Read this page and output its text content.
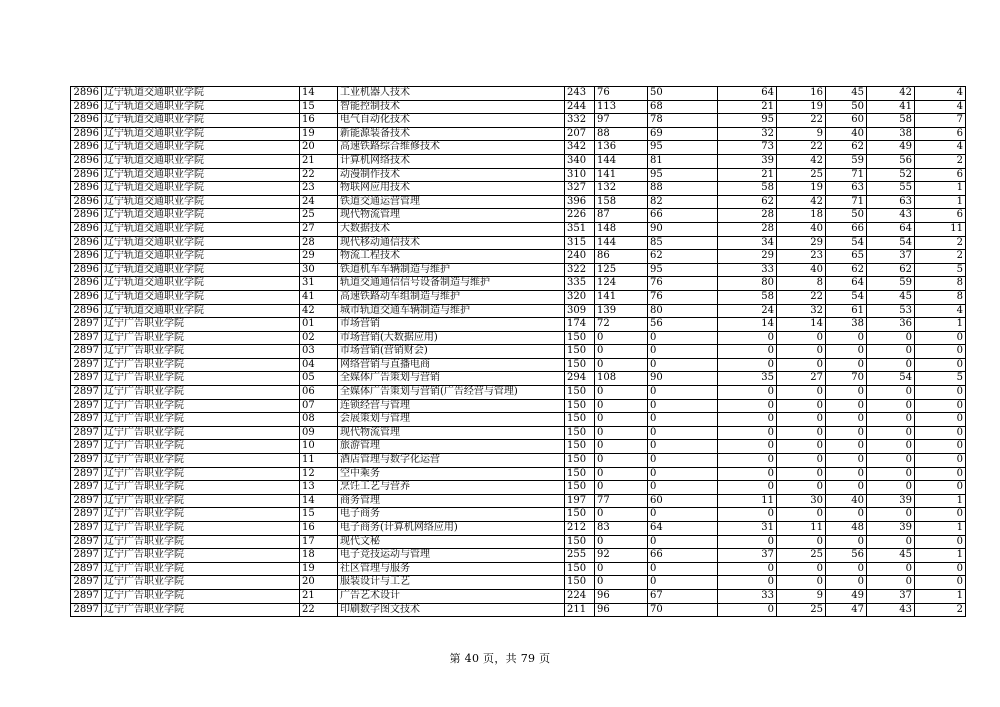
2896	辽宁轨道交通职业学院	14	工业机器人技术	243	76	50	64	16	45	42	4
2896	辽宁轨道交通职业学院	15	智能控制技术	244	113	68	21	19	50	41	4
2896	辽宁轨道交通职业学院	16	电气自动化技术	332	97	78	95	22	60	58	7
2896	辽宁轨道交通职业学院	19	新能源装备技术	207	88	69	32	9	40	38	6
2896	辽宁轨道交通职业学院	20	高速铁路综合维修技术	342	136	95	73	22	62	49	4
2896	辽宁轨道交通职业学院	21	计算机网络技术	340	144	81	39	42	59	56	2
2896	辽宁轨道交通职业学院	22	动漫制作技术	310	141	95	21	25	71	52	6
2896	辽宁轨道交通职业学院	23	物联网应用技术	327	132	88	58	19	63	55	1
2896	辽宁轨道交通职业学院	24	铁道交通运营管理	396	158	82	62	42	71	63	1
2896	辽宁轨道交通职业学院	25	现代物流管理	226	87	66	28	18	50	43	6
2896	辽宁轨道交通职业学院	27	大数据技术	351	148	90	28	40	66	64	11
2896	辽宁轨道交通职业学院	28	现代移动通信技术	315	144	85	34	29	54	54	2
2896	辽宁轨道交通职业学院	29	物流工程技术	240	86	62	29	23	65	37	2
2896	辽宁轨道交通职业学院	30	铁道机车车辆制造与维护	322	125	95	33	40	62	62	5
2896	辽宁轨道交通职业学院	31	轨道交通通信信号设备制造与维护	335	124	76	80	8	64	59	8
2896	辽宁轨道交通职业学院	41	高速铁路动车组制造与维护	320	141	76	58	22	54	45	8
2896	辽宁轨道交通职业学院	42	城市轨道交通车辆制造与维护	309	139	80	24	32	61	53	4
2897	辽宁广告职业学院	01	市场营销	174	72	56	14	14	38	36	1
2897	辽宁广告职业学院	02	市场营销(大数据应用)	150	0	0	0	0	0	0	0
2897	辽宁广告职业学院	03	市场营销(营销财会)	150	0	0	0	0	0	0	0
2897	辽宁广告职业学院	04	网络营销与直播电商	150	0	0	0	0	0	0	0
2897	辽宁广告职业学院	05	全媒体广告策划与营销	294	108	90	35	27	70	54	5
2897	辽宁广告职业学院	06	全媒体广告策划与营销(广告经营与管理)	150	0	0	0	0	0	0	0
2897	辽宁广告职业学院	07	连锁经营与管理	150	0	0	0	0	0	0	0
2897	辽宁广告职业学院	08	会展策划与管理	150	0	0	0	0	0	0	0
2897	辽宁广告职业学院	09	现代物流管理	150	0	0	0	0	0	0	0
2897	辽宁广告职业学院	10	旅游管理	150	0	0	0	0	0	0	0
2897	辽宁广告职业学院	11	酒店管理与数字化运营	150	0	0	0	0	0	0	0
2897	辽宁广告职业学院	12	空中乘务	150	0	0	0	0	0	0	0
2897	辽宁广告职业学院	13	烹饪工艺与营养	150	0	0	0	0	0	0	0
2897	辽宁广告职业学院	14	商务管理	197	77	60	11	30	40	39	1
2897	辽宁广告职业学院	15	电子商务	150	0	0	0	0	0	0	0
2897	辽宁广告职业学院	16	电子商务(计算机网络应用)	212	83	64	31	11	48	39	1
2897	辽宁广告职业学院	17	现代文秘	150	0	0	0	0	0	0	0
2897	辽宁广告职业学院	18	电子竞技运动与管理	255	92	66	37	25	56	45	1
2897	辽宁广告职业学院	19	社区管理与服务	150	0	0	0	0	0	0	0
2897	辽宁广告职业学院	20	服装设计与工艺	150	0	0	0	0	0	0	0
2897	辽宁广告职业学院	21	广告艺术设计	224	96	67	33	9	49	37	1
2897	辽宁广告职业学院	22	印刷数字图文技术	211	96	70	0	25	47	43	2
第 40 页，共 79 页
